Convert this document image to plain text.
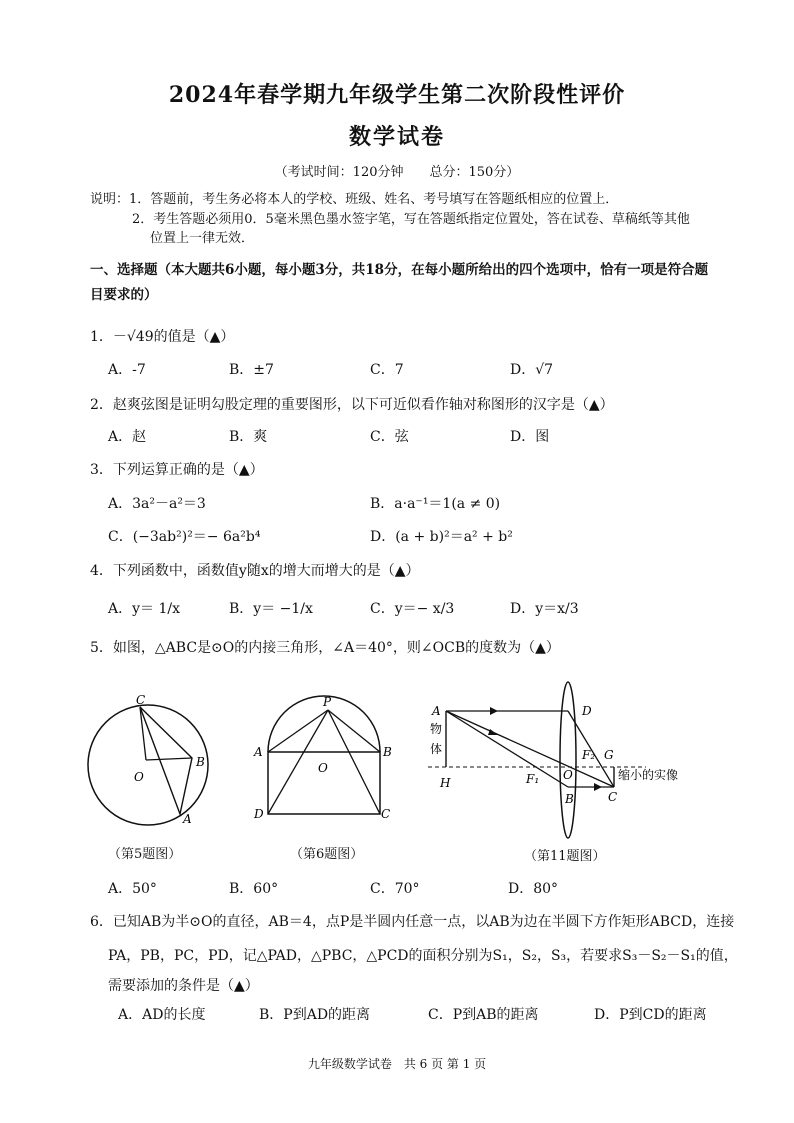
2024年春学期九年级学生第二次阶段性评价
数学试卷
（考试时间：120分钟　　总分：150分）
说明：1．答题前，考生务必将本人的学校、班级、姓名、考号填写在答题纸相应的位置上．
2．考生答题必须用0．5毫米黑色墨水签字笔，写在答题纸指定位置处，答在试卷、草稿纸等其他
位置上一律无效．
一、选择题（本大题共6小题，每小题3分，共18分，在每小题所给出的四个选项中，恰有一项是符合题
目要求的）
1．－√49的值是（▲）
A．-7	B．±7	C．7	D．√7
2．赵爽弦图是证明勾股定理的重要图形，以下可近似看作轴对称图形的汉字是（▲）
A．赵	B．爽	C．弦	D．图
3．下列运算正确的是（▲）
A．3a²－a²＝3	B．a·a⁻¹＝1(a ≠ 0)
C．(−3ab²)²＝− 6a²b⁴	D．(a + b)²＝a² + b²
4．下列函数中，函数值y随x的增大而增大的是（▲）
A．y＝ 1/x	B．y＝ −1/x	C．y＝− x/3	D．y＝x/3
5．如图，△ABC是⊙O的内接三角形，∠A＝40°，则∠OCB的度数为（▲）
C
O
B
A
（第5题图）
P
A
O
B
D	C
（第6题图）
A	D
H	F₁ O
F₂ G
B	C
物
体
缩小的实像
（第11题图）
A．50°	B．60°	C．70°	D．80°
6．已知AB为半⊙O的直径，AB＝4，点P是半圆内任意一点，以AB为边在半圆下方作矩形ABCD，连接
PA，PB，PC，PD，记△PAD，△PBC，△PCD的面积分别为S₁，S₂，S₃，若要求S₃－S₂－S₁的值，
需要添加的条件是（▲）
A．AD的长度	B．P到AD的距离	C．P到AB的距离	D．P到CD的距离
九年级数学试卷　共 6 页 第 1 页
